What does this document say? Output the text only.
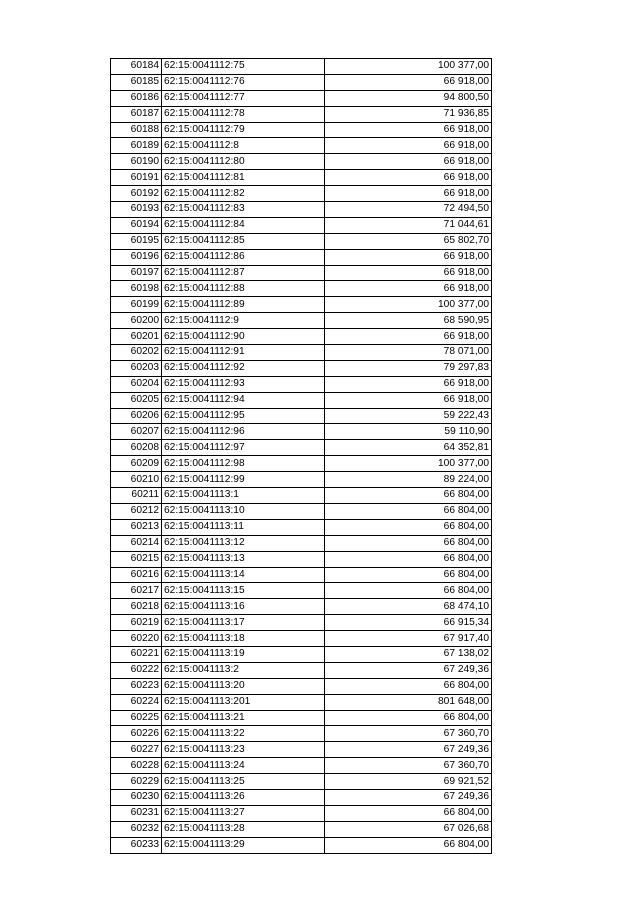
60184	62:15:0041112:75	100 377,00
60185	62:15:0041112:76	66 918,00
60186	62:15:0041112:77	94 800,50
60187	62:15:0041112:78	71 936,85
60188	62:15:0041112:79	66 918,00
60189	62:15:0041112:8	66 918,00
60190	62:15:0041112:80	66 918,00
60191	62:15:0041112:81	66 918,00
60192	62:15:0041112:82	66 918,00
60193	62:15:0041112:83	72 494,50
60194	62:15:0041112:84	71 044,61
60195	62:15:0041112:85	65 802,70
60196	62:15:0041112:86	66 918,00
60197	62:15:0041112:87	66 918,00
60198	62:15:0041112:88	66 918,00
60199	62:15:0041112:89	100 377,00
60200	62:15:0041112:9	68 590,95
60201	62:15:0041112:90	66 918,00
60202	62:15:0041112:91	78 071,00
60203	62:15:0041112:92	79 297,83
60204	62:15:0041112:93	66 918,00
60205	62:15:0041112:94	66 918,00
60206	62:15:0041112:95	59 222,43
60207	62:15:0041112:96	59 110,90
60208	62:15:0041112:97	64 352,81
60209	62:15:0041112:98	100 377,00
60210	62:15:0041112:99	89 224,00
60211	62:15:0041113:1	66 804,00
60212	62:15:0041113:10	66 804,00
60213	62:15:0041113:11	66 804,00
60214	62:15:0041113:12	66 804,00
60215	62:15:0041113:13	66 804,00
60216	62:15:0041113:14	66 804,00
60217	62:15:0041113:15	66 804,00
60218	62:15:0041113:16	68 474,10
60219	62:15:0041113:17	66 915,34
60220	62:15:0041113:18	67 917,40
60221	62:15:0041113:19	67 138,02
60222	62:15:0041113:2	67 249,36
60223	62:15:0041113:20	66 804,00
60224	62:15:0041113:201	801 648,00
60225	62:15:0041113:21	66 804,00
60226	62:15:0041113:22	67 360,70
60227	62:15:0041113:23	67 249,36
60228	62:15:0041113:24	67 360,70
60229	62:15:0041113:25	69 921,52
60230	62:15:0041113:26	67 249,36
60231	62:15:0041113:27	66 804,00
60232	62:15:0041113:28	67 026,68
60233	62:15:0041113:29	66 804,00
